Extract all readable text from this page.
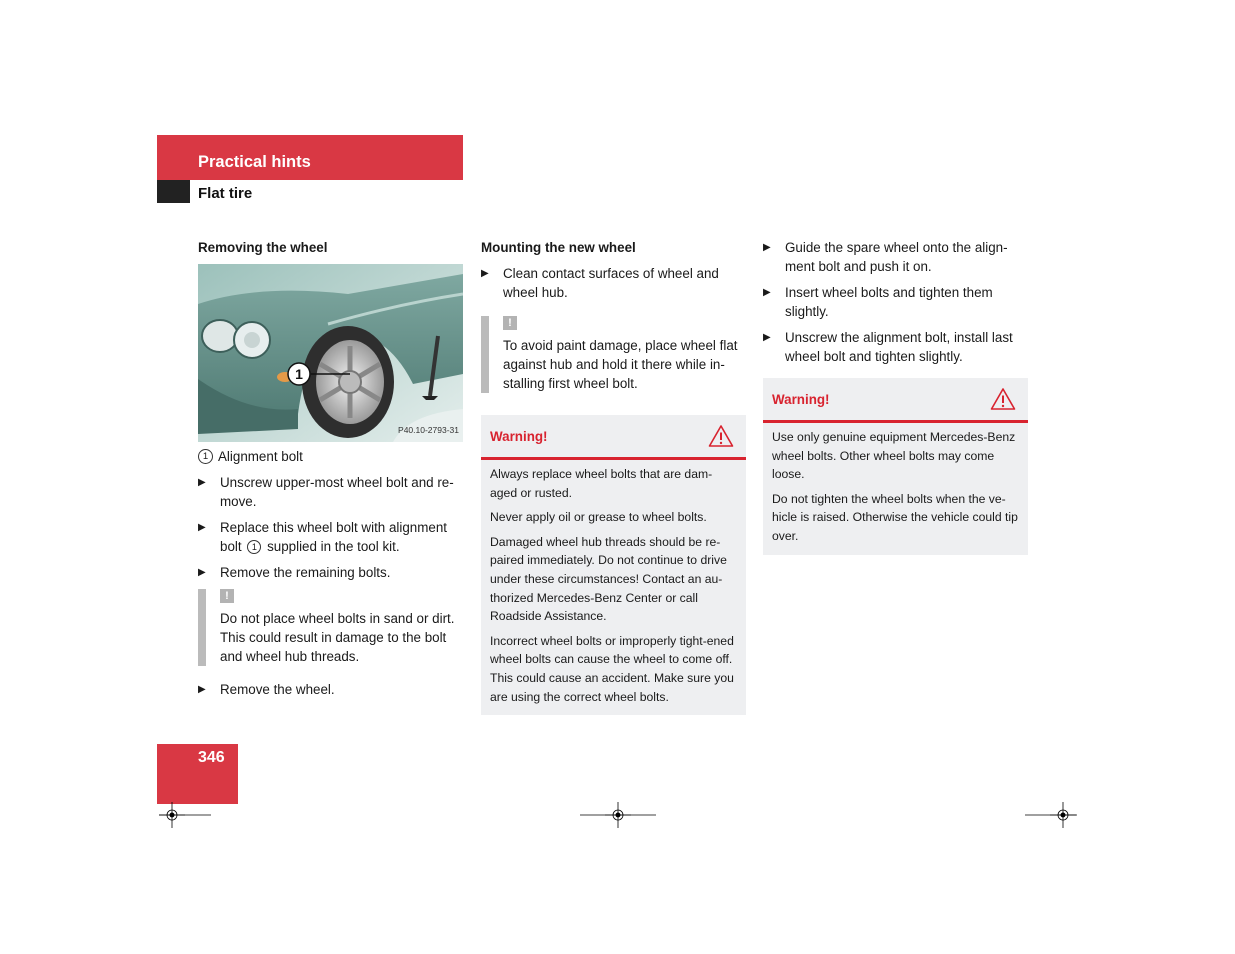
Practical hints
Flat tire
Removing the wheel
1
P40.10-2793-31
1 Alignment bolt
▶ Unscrew upper-most wheel bolt and re-move.
▶ Replace this wheel bolt with alignment bolt 1 supplied in the tool kit.
▶ Remove the remaining bolts.
!
Do not place wheel bolts in sand or dirt. This could result in damage to the bolt and wheel hub threads.
▶ Remove the wheel.
Mounting the new wheel
▶ Clean contact surfaces of wheel and wheel hub.
!
To avoid paint damage, place wheel flat against hub and hold it there while in-stalling first wheel bolt.
Warning!

Always replace wheel bolts that are dam-aged or rusted.

Never apply oil or grease to wheel bolts.

Damaged wheel hub threads should be re-paired immediately. Do not continue to drive under these circumstances! Contact an au-thorized Mercedes-Benz Center or call Roadside Assistance.

Incorrect wheel bolts or improperly tight-ened wheel bolts can cause the wheel to come off. This could cause an accident. Make sure you are using the correct wheel bolts.

▶ Guide the spare wheel onto the align-ment bolt and push it on.
▶ Insert wheel bolts and tighten them slightly.
▶ Unscrew the alignment bolt, install last wheel bolt and tighten slightly.
Warning!

Use only genuine equipment Mercedes-Benz wheel bolts. Other wheel bolts may come loose.

Do not tighten the wheel bolts when the ve-hicle is raised. Otherwise the vehicle could tip over.

346
